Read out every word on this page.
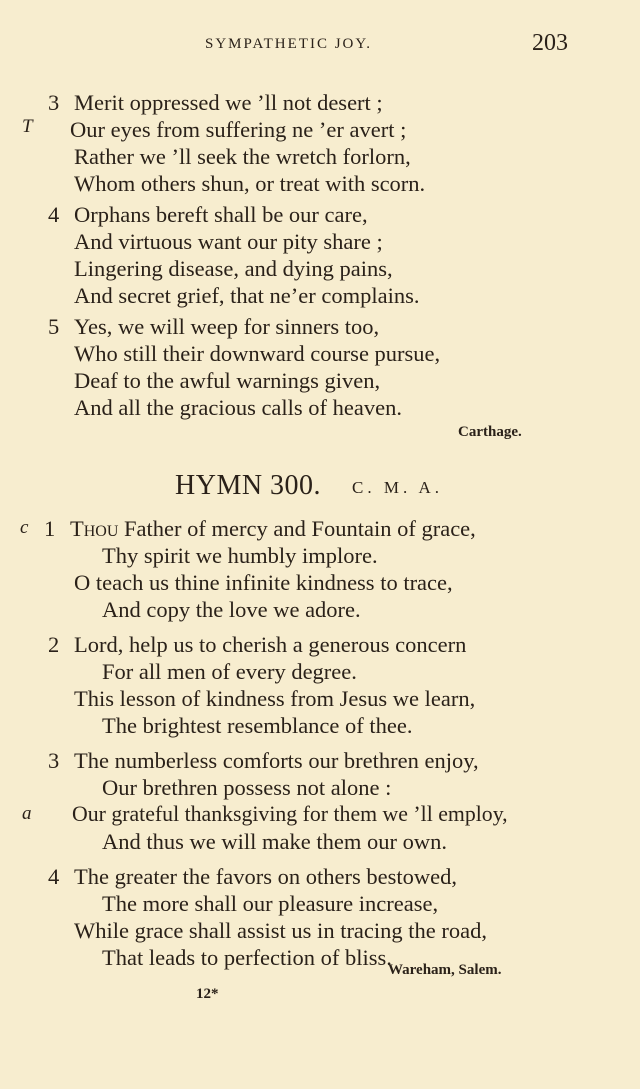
SYMPATHETIC JOY.	203
3 Merit oppressed we ’ll not desert ;
T Our eyes from suffering ne ’er avert ;
Rather we ’ll seek the wretch forlorn,
Whom others shun, or treat with scorn.
4 Orphans bereft shall be our care,
And virtuous want our pity share ;
Lingering disease, and dying pains,
And secret grief, that ne’er complains.
5 Yes, we will weep for sinners too,
Who still their downward course pursue,
Deaf to the awful warnings given,
And all the gracious calls of heaven.
Carthage.
HYMN 300. C. M. A.
c 1 Thou Father of mercy and Fountain of grace,
Thy spirit we humbly implore.
O teach us thine infinite kindness to trace,
And copy the love we adore.
2 Lord, help us to cherish a generous concern
For all men of every degree.
This lesson of kindness from Jesus we learn,
The brightest resemblance of thee.
3 The numberless comforts our brethren enjoy,
Our brethren possess not alone :
a Our grateful thanksgiving for them we ’ll employ,
And thus we will make them our own.
4 The greater the favors on others bestowed,
The more shall our pleasure increase,
While grace shall assist us in tracing the road,
That leads to perfection of bliss.
Wareham, Salem.
12*
